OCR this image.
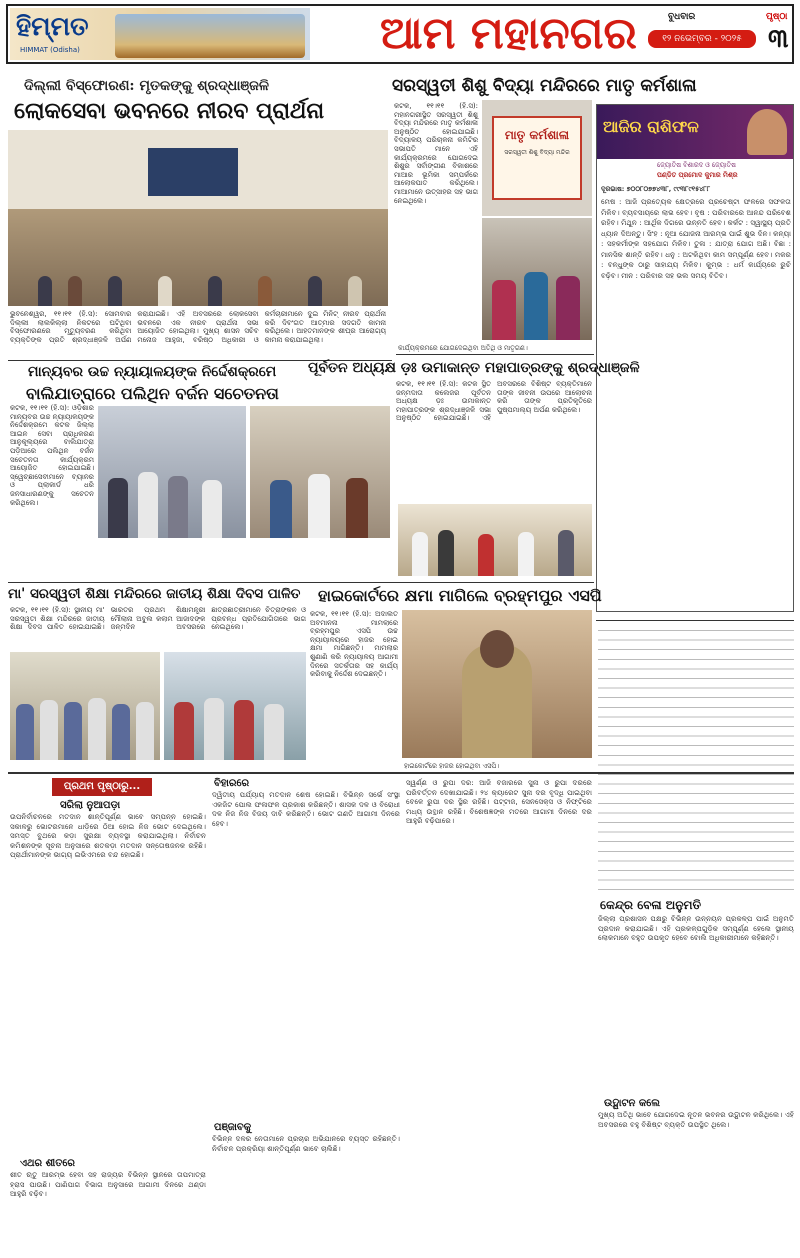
ହିମ୍ମତ
HIMMAT (Odisha)	ଆମ ମହାନଗର	ପୃଷ୍ଠା
୩
ବୁଧବାର
୧୨ ନଭେମ୍ବର - ୨୦୨୫
ଦିଲ୍ଲୀ ବିସ୍ଫୋରଣ: ମୃତକଙ୍କୁ ଶ୍ରଦ୍ଧାଞ୍ଜଳି
ଲୋକସେବା ଭବନରେ ନୀରବ ପ୍ରାର୍ଥନା
ଭୁବନେଶ୍ୱର, ୧୧।୧୧ (ହି.ସ): ସୋମବାର ଦିଲ୍ଲୀ ଲାଲକିଲ୍ଲା ନିକଟରେ ଘଟିଥିବା ବିସ୍ଫୋରଣରେ ମୃତ୍ୟୁବରଣ କରିଥିବା ବ୍ୟକ୍ତିଙ୍କ ପ୍ରତି ଶ୍ରଦ୍ଧାଞ୍ଜଳି ଅର୍ପଣ କରାଯାଇଛି। ଏହି ଅବସରରେ ଲୋକସେବା ଭବନରେ ଏକ ନୀରବ ପ୍ରାର୍ଥନା ସଭା ଆୟୋଜିତ ହୋଇଥିଲା। ମୁଖ୍ୟ ଶାସନ ସଚିବ ମନୋଜ ଆହୁଜା, ବରିଷ୍ଠ ଅଧିକାରୀ ଓ କର୍ମଚାରୀମାନେ ଦୁଇ ମିନିଟ୍ ନୀରବ ପ୍ରାର୍ଥନା କରି ଦିବଂଗତ ଆତ୍ମାର ସଦଗତି କାମନା କରିଥିଲେ। ଆହତମାନଙ୍କ ଶୀଘ୍ର ଆରୋଗ୍ୟ କାମନା କରାଯାଇଥିଲା।
ସରସ୍ୱତୀ ଶିଶୁ ବିଦ୍ୟା ମନ୍ଦିରରେ ମାତୃ କର୍ମଶାଳା
କଟକ, ୧୧।୧୧ (ହି.ସ): ମହାନଗରୀସ୍ଥିତ ସରସ୍ୱତୀ ଶିଶୁ ବିଦ୍ୟା ମନ୍ଦିରରେ ମାତୃ କର୍ମଶାଳା ଅନୁଷ୍ଠିତ ହୋଇଯାଇଛି। ବିଦ୍ୟାଳୟ ପରିଚାଳନା କମିଟିର ସଭାପତି ମାନେ ଏହି କାର୍ଯ୍ୟକ୍ରମରେ ଯୋଗଦେଇ ଶିଶୁର ସର୍ବାଙ୍ଗୀଣ ବିକାଶରେ ମାଆର ଭୂମିକା ସମ୍ପର୍କରେ ଆଲୋକପାତ କରିଥିଲେ। ମାଆମାନେ ଉତ୍ସାହର ସହ ଭାଗ ନେଇଥିଲେ।
ମାତୃ କର୍ମଶାଳା
ସରସ୍ୱତୀ ଶିଶୁ ବିଦ୍ୟା ମନ୍ଦିର
କାର୍ଯ୍ୟକ୍ରମରେ ଯୋଗଦେଇଥିବା ଅତିଥି ଓ ମାତୃଗଣ।
ଆଜିର ରାଶିଫଳ
ଜ୍ୟୋତିଷ ବିଶାରଦ ଓ ଜ୍ୟୋତିଷ
ପଣ୍ଡିତ ପ୍ରମୋଦ କୁମାର ମିଶ୍ର
ଦୂରଭାଷ: ୭୦୦୮୦୭୭୪୩୮, ୯୯୩୮୯୧୫୪୮୮
ମେଷ : ଆଜି ପ୍ରତ୍ୟେକ କ୍ଷେତ୍ରରେ ପ୍ରଚେଷ୍ଟା ଫଳରେ ସଫଳତା ମିଳିବ। ବ୍ୟବସାୟରେ ଲାଭ ହେବ। ବୃଷ : ପରିବାରରେ ଆନନ୍ଦ ପରିବେଶ ରହିବ। ମିଥୁନ : ଆର୍ଥିକ ଦିଗରେ ଉନ୍ନତି ହେବ। କର୍କଟ : ସ୍ୱାସ୍ଥ୍ୟ ପ୍ରତି ଧ୍ୟାନ ଦିଅନ୍ତୁ। ସିଂହ : ନୂଆ ଯୋଜନା ଆରମ୍ଭ ପାଇଁ ଶୁଭ ଦିନ। କନ୍ୟା : ସହକର୍ମୀଙ୍କ ସହଯୋଗ ମିଳିବ। ତୁଳା : ଯାତ୍ରା ଯୋଗ ଅଛି। ବିଛା : ମାନସିକ ଶାନ୍ତି ରହିବ। ଧନୁ : ଅଟକିଥିବା କାମ ସମ୍ପୂର୍ଣ୍ଣ ହେବ। ମକର : ବନ୍ଧୁଙ୍କ ଠାରୁ ସାହାଯ୍ୟ ମିଳିବ। କୁମ୍ଭ : ଧର୍ମ କାର୍ଯ୍ୟରେ ରୁଚି ବଢ଼ିବ। ମୀନ : ପରିବାର ସହ ଭଲ ସମୟ ବିତିବ।
ମାନ୍ୟବର ଉଚ୍ଚ ନ୍ୟାୟାଳୟଙ୍କ ନିର୍ଦ୍ଦେଶକ୍ରମେ
ବାଲିଯାତ୍ରାରେ ପଲିଥିନ ବର୍ଜନ ସଚେତନତା
କଟକ, ୧୧।୧୧ (ହି.ସ): ଓଡ଼ିଶାର ମାନ୍ୟବର ଉଚ୍ଚ ନ୍ୟାୟାଳୟଙ୍କ ନିର୍ଦ୍ଦେଶକ୍ରମେ କଟକ ଜିଲ୍ଲା ଆଇନ ସେବା ପ୍ରାଧିକରଣ ଆନୁକୂଲ୍ୟରେ ବାଲିଯାତ୍ରା ପଡ଼ିଆରେ ପଲିଥିନ ବର୍ଜନ ସଚେତନତା କାର୍ଯ୍ୟକ୍ରମ ଆୟୋଜିତ ହୋଇଯାଇଛି। ସ୍ୱେଚ୍ଛାସେବୀମାନେ ବ୍ୟାନର ଓ ପ୍ଲାକାର୍ଡ ଧରି ଜନସାଧାରଣଙ୍କୁ ସଚେତନ କରିଥିଲେ।
ପୂର୍ବତନ ଅଧ୍ୟକ୍ଷ ଡ଼ଃ ଉମାକାନ୍ତ ମହାପାତ୍ରଙ୍କୁ ଶ୍ରଦ୍ଧାଞ୍ଜଳି
କଟକ, ୧୧।୧୧ (ହି.ସ): କଟକ ସ୍ଥିତ ଜନ୍ମଦାତା କଲେଜର ପୂର୍ବତନ ଅଧ୍ୟକ୍ଷ ଡ଼ଃ ଉମାକାନ୍ତ ମହାପାତ୍ରଙ୍କ ଶ୍ରଦ୍ଧାଞ୍ଜଳି ସଭା ଅନୁଷ୍ଠିତ ହୋଇଯାଇଛି। ଏହି ଅବସରରେ ବିଶିଷ୍ଟ ବ୍ୟକ୍ତିମାନେ ତାଙ୍କ ଜୀବନୀ ଉପରେ ଆଲୋଚନା କରି ତାଙ୍କ ପ୍ରତିକୃତିରେ ପୁଷ୍ପମାଲ୍ୟ ଅର୍ପଣ କରିଥିଲେ।
ମା' ସରସ୍ୱତୀ ଶିକ୍ଷା ମନ୍ଦିରରେ ଜାତୀୟ ଶିକ୍ଷା ଦିବସ ପାଳିତ
କଟକ, ୧୧।୧୧ (ହି.ସ): ସ୍ଥାନୀୟ ମା' ସରସ୍ୱତୀ ଶିକ୍ଷା ମନ୍ଦିରରେ ଜାତୀୟ ଶିକ୍ଷା ଦିବସ ପାଳିତ ହୋଇଯାଇଛି। ଭାରତର ପ୍ରଥମ ଶିକ୍ଷାମନ୍ତ୍ରୀ ମୌଲାନା ଅବୁଲ କଲାମ ଆଜାଦଙ୍କ ଜନ୍ମଦିନ ଅବସରରେ ଛାତ୍ରଛାତ୍ରୀମାନେ ଚିତ୍ରାଙ୍କନ ଓ ପ୍ରବନ୍ଧ ପ୍ରତିଯୋଗିତାରେ ଭାଗ ନେଇଥିଲେ।
ହାଇକୋର୍ଟରେ କ୍ଷମା ମାଗିଲେ ବ୍ରହ୍ମପୁର ଏସପି
କଟକ, ୧୧।୧୧ (ହି.ସ): ଅଦାଲତ ଅବମାନନା ମାମଲାରେ ବ୍ରହ୍ମପୁର ଏସପି ଉଚ୍ଚ ନ୍ୟାୟାଳୟରେ ହାଜର ହୋଇ କ୍ଷମା ମାଗିଛନ୍ତି। ମାମଲାର ଶୁଣାଣି କରି ନ୍ୟାୟାଳୟ ଆଗାମୀ ଦିନରେ ସତର୍କତାର ସହ କାର୍ଯ୍ୟ କରିବାକୁ ନିର୍ଦ୍ଦେଶ ଦେଇଛନ୍ତି।
ହାଇକୋର୍ଟରେ ହାଜର ହୋଇଥିବା ଏସପି।
ପ୍ରଥମ ପୃଷ୍ଠାରୁ...
ସରିଲା ନୁଆପଡ଼ା
ଉପନିର୍ବାଚନରେ ମତଦାନ ଶାନ୍ତିପୂର୍ଣ୍ଣ ଭାବେ ସମ୍ପନ୍ନ ହୋଇଛି। ସକାଳରୁ ଭୋଟରମାନେ ଧାଡ଼ିରେ ଠିଆ ହୋଇ ନିଜ ଭୋଟ ଦେଇଥିଲେ। ସମସ୍ତ ବୁଥରେ କଡ଼ା ସୁରକ୍ଷା ବ୍ୟବସ୍ଥା କରାଯାଇଥିଲା। ନିର୍ବାଚନ କମିଶନଙ୍କ ସୂଚନା ଅନୁସାରେ ଶତକଡ଼ା ମତଦାନ ସନ୍ତୋଷଜନକ ରହିଛି। ପ୍ରାର୍ଥୀମାନଙ୍କ ଭାଗ୍ୟ ଇଭିଏମରେ ବନ୍ଦ ହୋଇଛି।
ଏଥର ଶୀତରେ
ଶୀତ ଋତୁ ଆରମ୍ଭ ହେବା ସହ ରାଜ୍ୟର ବିଭିନ୍ନ ସ୍ଥାନରେ ତାପମାତ୍ରା ହ୍ରାସ ପାଉଛି। ପାଣିପାଗ ବିଭାଗ ଅନୁସାରେ ଆଗାମୀ ଦିନରେ ଥଣ୍ଡା ଆହୁରି ବଢ଼ିବ।
ବିହାରରେ
ଦ୍ୱିତୀୟ ପର୍ଯ୍ୟାୟ ମତଦାନ ଶେଷ ହୋଇଛି। ବିଭିନ୍ନ ସର୍ଭେ ସଂସ୍ଥା ଏକଜିଟ ପୋଲ ଫଳାଫଳ ପ୍ରକାଶ କରିଛନ୍ତି। ଶାସକ ଦଳ ଓ ବିରୋଧୀ ଦଳ ନିଜ ନିଜ ବିଜୟ ଦାବି କରିଛନ୍ତି। ଭୋଟ ଗଣତି ଆଗାମୀ ଦିନରେ ହେବ।
ପଞ୍ଜାବକୁ
ବିଭିନ୍ନ ଦଳର ନେତାମାନେ ପ୍ରଚାର ଅଭିଯାନରେ ବ୍ୟସ୍ତ ରହିଛନ୍ତି। ନିର୍ବାଚନ ପ୍ରକ୍ରିୟା ଶାନ୍ତିପୂର୍ଣ୍ଣ ଭାବେ ଚାଲିଛି।
ସ୍ୱର୍ଣ୍ଣ ଓ ରୁପା ଦର: ଆଜି ବଜାରରେ ସୁନା ଓ ରୁପା ଦରରେ ପରିବର୍ତ୍ତନ ଦେଖାଯାଇଛି। ୨୪ କ୍ୟାରେଟ ସୁନା ଦର ବୃଦ୍ଧି ପାଇଥିବା ବେଳେ ରୁପା ଦର ସ୍ଥିର ରହିଛି। ପଟ୍ଟାଜ, ସେନସେକ୍ସ ଓ ନିଫ୍ଟିରେ ମଧ୍ୟ ଉତ୍ଥାନ ରହିଛି। ବିଶେଷଜ୍ଞଙ୍କ ମତରେ ଆଗାମୀ ଦିନରେ ଦର ଆହୁରି ବଢ଼ିପାରେ।
କେନ୍ଦ୍ର ବେଳା ଅନୁମତି
ଜିଲ୍ଲା ପ୍ରଶାସନ ପକ୍ଷରୁ ବିଭିନ୍ନ ଉନ୍ନୟନ ପ୍ରକଳ୍ପ ପାଇଁ ଅନୁମତି ପ୍ରଦାନ କରାଯାଇଛି। ଏହି ପ୍ରକଳ୍ପଗୁଡ଼ିକ ସମ୍ପୂର୍ଣ୍ଣ ହେଲେ ସ୍ଥାନୀୟ ଲୋକମାନେ ବହୁତ ଉପକୃତ ହେବେ ବୋଲି ଅଧିକାରୀମାନେ କହିଛନ୍ତି।
ଉଦ୍ଘାଟନ କଲେ
ମୁଖ୍ୟ ଅତିଥି ଭାବେ ଯୋଗଦେଇ ନୂତନ ଭବନର ଉଦ୍ଘାଟନ କରିଥିଲେ। ଏହି ଅବସରରେ ବହୁ ବିଶିଷ୍ଟ ବ୍ୟକ୍ତି ଉପସ୍ଥିତ ଥିଲେ।
